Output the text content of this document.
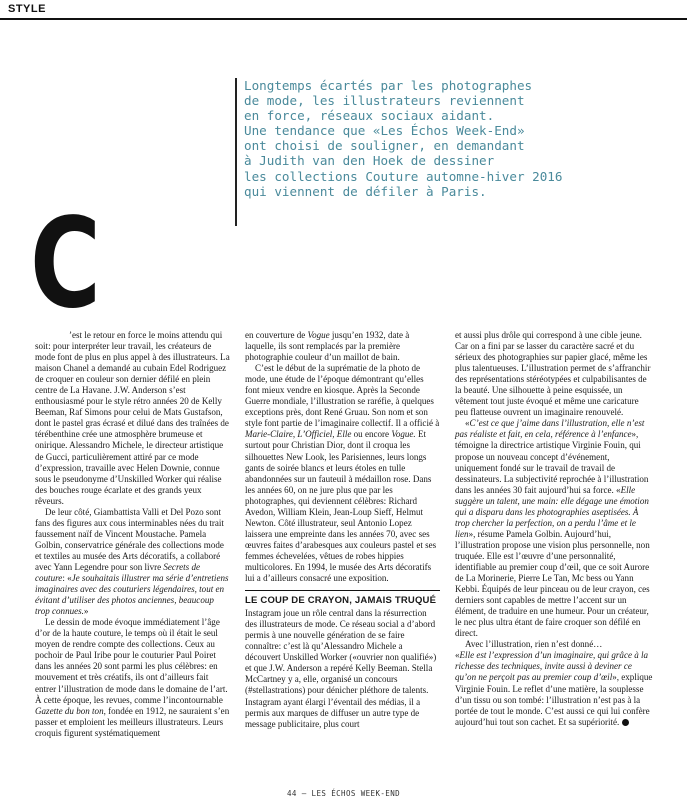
STYLE

Longtemps écartés par les photographes
de mode, les illustrateurs reviennent
en force, réseaux sociaux aidant.
Une tendance que «Les Échos Week-End»
ont choisi de souligner, en demandant
à Judith van den Hoek de dessiner
les collections Couture automne-hiver 2016
qui viennent de défiler à Paris.

C

’est le retour en force le moins attendu qui soit: pour interpréter leur travail, les créateurs de mode font de plus en plus appel à des illustrateurs. La maison Chanel a demandé au cubain Edel Rodriguez de croquer en couleur son dernier défilé en plein centre de La Havane. J.W. Anderson s’est enthousiasmé pour le style rétro années 20 de Kelly Beeman, Raf Simons pour celui de Mats Gustafson, dont le pastel gras écrasé et dilué dans des traînées de térébenthine crée une atmosphère brumeuse et onirique. Alessandro Michele, le directeur artistique de Gucci, particulièrement attiré par ce mode d’expression, travaille avec Helen Downie, connue sous le pseudonyme d’Unskilled Worker qui réalise des bouches rouge écarlate et des grands yeux rêveurs.

De leur côté, Giambattista Valli et Del Pozo sont fans des figures aux cous interminables nées du trait faussement naïf de Vincent Moustache. Pamela Golbin, conservatrice générale des collections mode et textiles au musée des Arts décoratifs, a collaboré avec Yann Legendre pour son livre Secrets de couture: «Je souhaitais illustrer ma série d’entretiens imaginaires avec des couturiers légendaires, tout en évitant d’utiliser des photos anciennes, beaucoup trop connues.»

Le dessin de mode évoque immédiatement l’âge d’or de la haute couture, le temps où il était le seul moyen de rendre compte des collections. Ceux au pochoir de Paul Iribe pour le couturier Paul Poiret dans les années 20 sont parmi les plus célèbres: en mouvement et très créatifs, ils ont d’ailleurs fait entrer l’illustration de mode dans le domaine de l’art. À cette époque, les revues, comme l’incontournable Gazette du bon ton, fondée en 1912, ne sauraient s’en passer et emploient les meilleurs illustrateurs. Leurs croquis figurent systématiquement

en couverture de Vogue jusqu’en 1932, date à laquelle, ils sont remplacés par la première photographie couleur d’un maillot de bain.

C’est le début de la suprématie de la photo de mode, une étude de l’époque démontrant qu’elles font mieux vendre en kiosque. Après la Seconde Guerre mondiale, l’illustration se raréfie, à quelques exceptions près, dont René Gruau. Son nom et son style font partie de l’imaginaire collectif. Il a officié à Marie-Claire, L’Officiel, Elle ou encore Vogue. Et surtout pour Christian Dior, dont il croqua les silhouettes New Look, les Parisiennes, leurs longs gants de soirée blancs et leurs étoles en tulle abandonnées sur un fauteuil à médaillon rose. Dans les années 60, on ne jure plus que par les photographes, qui deviennent célèbres: Richard Avedon, William Klein, Jean-Loup Sieff, Helmut Newton. Côté illustrateur, seul Antonio Lopez laissera une empreinte dans les années 70, avec ses œuvres faites d’arabesques aux couleurs pastel et ses femmes échevelées, vêtues de robes hippies multicolores. En 1994, le musée des Arts décoratifs lui a d’ailleurs consacré une exposition.

LE COUP DE CRAYON, JAMAIS TRUQUÉ

Instagram joue un rôle central dans la résurrection des illustrateurs de mode. Ce réseau social a d’abord permis à une nouvelle génération de se faire connaître: c’est là qu’Alessandro Michele a découvert Unskilled Worker («ouvrier non qualifié») et que J.W. Anderson a repéré Kelly Beeman. Stella McCartney y a, elle, organisé un concours (#stellastrations) pour dénicher pléthore de talents. Instagram ayant élargi l’éventail des médias, il a permis aux marques de diffuser un autre type de message publicitaire, plus court

et aussi plus drôle qui correspond à une cible jeune. Car on a fini par se lasser du caractère sacré et du sérieux des photographies sur papier glacé, même les plus talentueuses. L’illustration permet de s’affranchir des représentations stéréotypées et culpabilisantes de la beauté. Une silhouette à peine esquissée, un vêtement tout juste évoqué et même une caricature peu flatteuse ouvrent un imaginaire renouvelé.

«C’est ce que j’aime dans l’illustration, elle n’est pas réaliste et fait, en cela, référence à l’enfance», témoigne la directrice artistique Virginie Fouin, qui propose un nouveau concept d’événement, uniquement fondé sur le travail de travail de dessinateurs. La subjectivité reprochée à l’illustration dans les années 30 fait aujourd’hui sa force. «Elle suggère un talent, une main: elle dégage une émotion qui a disparu dans les photographies aseptisées. À trop chercher la perfection, on a perdu l’âme et le lien», résume Pamela Golbin. Aujourd’hui, l’illustration propose une vision plus personnelle, non truquée. Elle est l’œuvre d’une personnalité, identifiable au premier coup d’œil, que ce soit Aurore de La Morinerie, Pierre Le Tan, Mc bess ou Yann Kebbi. Équipés de leur pinceau ou de leur crayon, ces derniers sont capables de mettre l’accent sur un élément, de traduire en une humeur. Pour un créateur, le nec plus ultra étant de faire croquer son défilé en direct.

Avec l’illustration, rien n’est donné…

«Elle est l’expression d’un imaginaire, qui grâce à la richesse des techniques, invite aussi à deviner ce qu’on ne perçoit pas au premier coup d’œil», explique Virginie Fouin. Le reflet d’une matière, la souplesse d’un tissu ou son tombé: l’illustration n’est pas à la portée de tout le monde. C’est aussi ce qui lui confère aujourd’hui tout son cachet. Et sa supériorité.

44 – LES ÉCHOS WEEK-END
